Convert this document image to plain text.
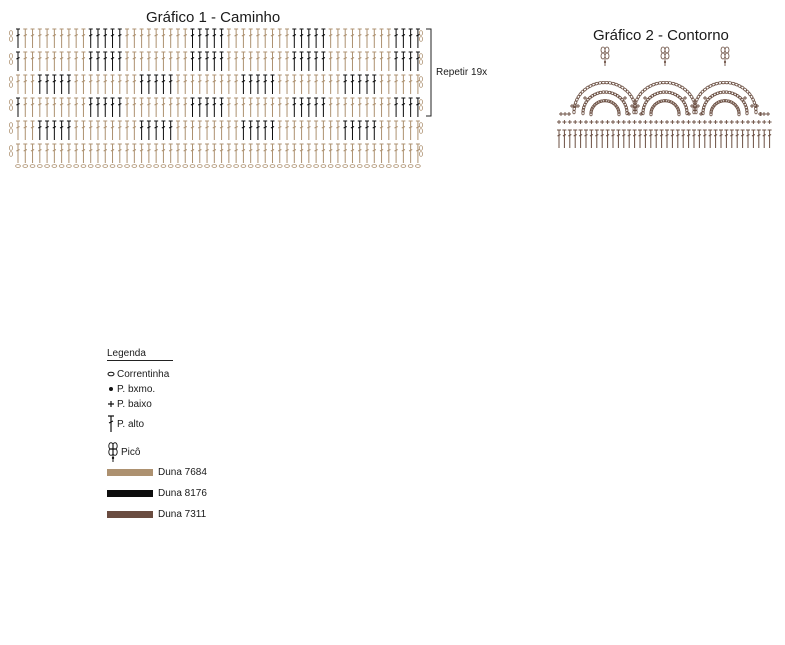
Gráfico 1 - Caminho
Repetir 19x
Gráfico 2 - Contorno
Legenda
Correntinha
P. bxmo.
P. baixo
P. alto
Picô
Duna 7684
Duna 8176
Duna 7311
